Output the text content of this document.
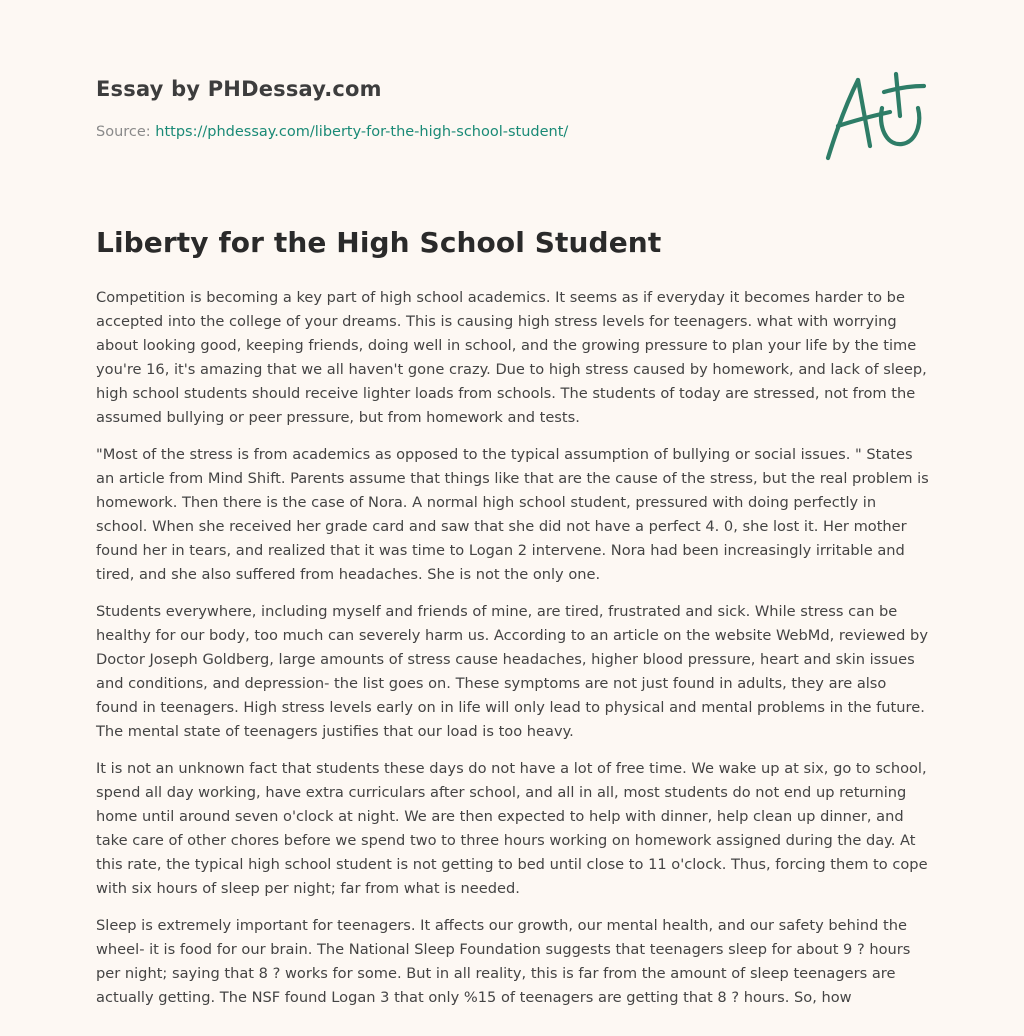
Essay by PHDessay.com

Source: https://phdessay.com/liberty-for-the-high-school-student/

Liberty for the High School Student

Competition is becoming a key part of high school academics. It seems as if everyday it becomes harder to be accepted into the college of your dreams. This is causing high stress levels for teenagers. what with worrying about looking good, keeping friends, doing well in school, and the growing pressure to plan your life by the time you're 16, it's amazing that we all haven't gone crazy. Due to high stress caused by homework, and lack of sleep, high school students should receive lighter loads from schools. The students of today are stressed, not from the assumed bullying or peer pressure, but from homework and tests.

"Most of the stress is from academics as opposed to the typical assumption of bullying or social issues. " States an article from Mind Shift. Parents assume that things like that are the cause of the stress, but the real problem is homework. Then there is the case of Nora. A normal high school student, pressured with doing perfectly in school. When she received her grade card and saw that she did not have a perfect 4. 0, she lost it. Her mother found her in tears, and realized that it was time to Logan 2 intervene. Nora had been increasingly irritable and tired, and she also suffered from headaches. She is not the only one.

Students everywhere, including myself and friends of mine, are tired, frustrated and sick. While stress can be healthy for our body, too much can severely harm us. According to an article on the website WebMd, reviewed by Doctor Joseph Goldberg, large amounts of stress cause headaches, higher blood pressure, heart and skin issues and conditions, and depression- the list goes on. These symptoms are not just found in adults, they are also found in teenagers. High stress levels early on in life will only lead to physical and mental problems in the future. The mental state of teenagers justifies that our load is too heavy.

It is not an unknown fact that students these days do not have a lot of free time. We wake up at six, go to school, spend all day working, have extra curriculars after school, and all in all, most students do not end up returning home until around seven o'clock at night. We are then expected to help with dinner, help clean up dinner, and take care of other chores before we spend two to three hours working on homework assigned during the day. At this rate, the typical high school student is not getting to bed until close to 11 o'clock. Thus, forcing them to cope with six hours of sleep per night; far from what is needed.

Sleep is extremely important for teenagers. It affects our growth, our mental health, and our safety behind the wheel- it is food for our brain. The National Sleep Foundation suggests that teenagers sleep for about 9 ? hours per night; saying that 8 ? works for some. But in all reality, this is far from the amount of sleep teenagers are actually getting. The NSF found Logan 3 that only %15 of teenagers are getting that 8 ? hours. So, how
